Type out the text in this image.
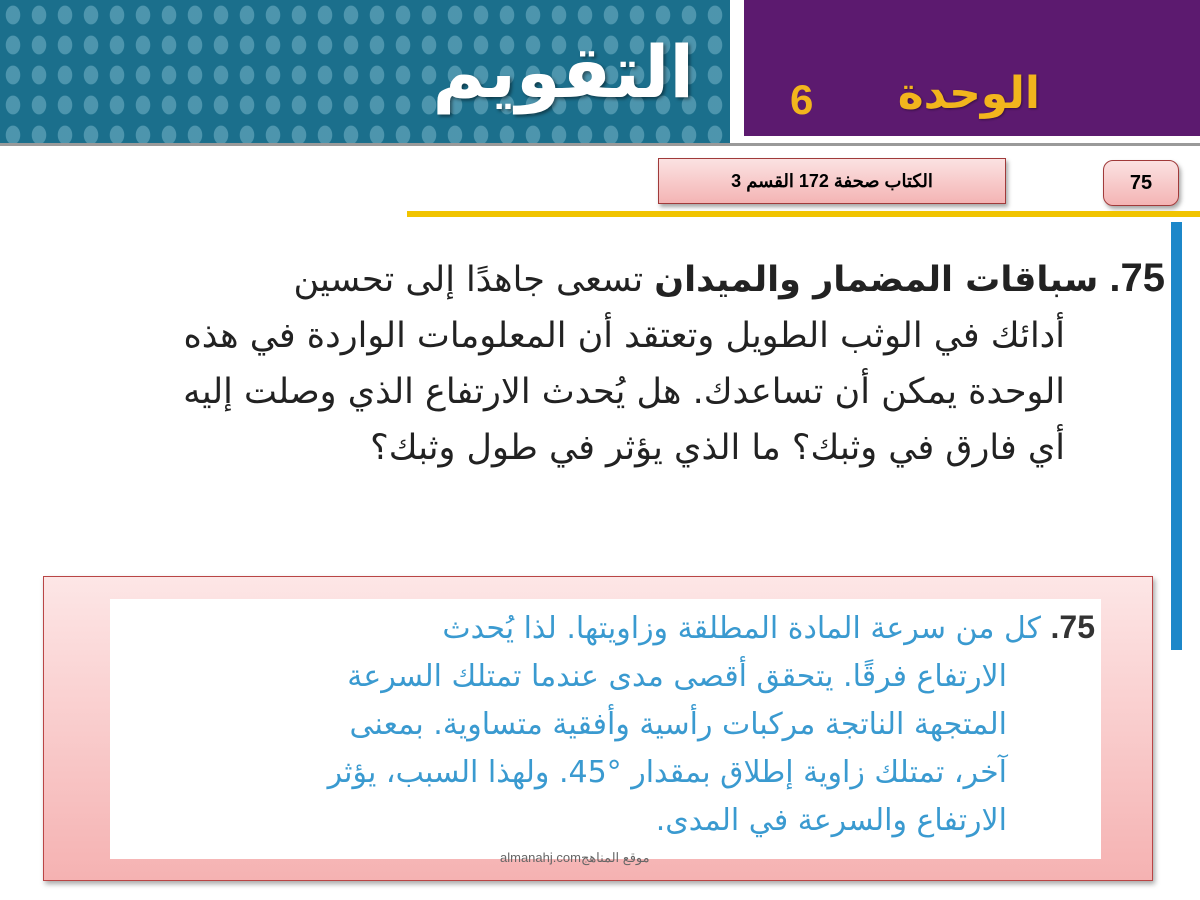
التقويم	الوحدة
6
الكتاب صحفة 172 القسم 3	75
75. سباقات المضمار والميدان تسعى جاهدًا إلى تحسين
أدائك في الوثب الطويل وتعتقد أن المعلومات الواردة في هذه
الوحدة يمكن أن تساعدك. هل يُحدث الارتفاع الذي وصلت إليه
أي فارق في وثبك؟ ما الذي يؤثر في طول وثبك؟
75. كل من سرعة المادة المطلقة وزاويتها. لذا يُحدث
الارتفاع فرقًا. يتحقق أقصى مدى عندما تمتلك السرعة
المتجهة الناتجة مركبات رأسية وأفقية متساوية. بمعنى
آخر، تمتلك زاوية إطلاق بمقدار °45. ولهذا السبب، يؤثر
الارتفاع والسرعة في المدى.
almanahj.comموقع المناهج
